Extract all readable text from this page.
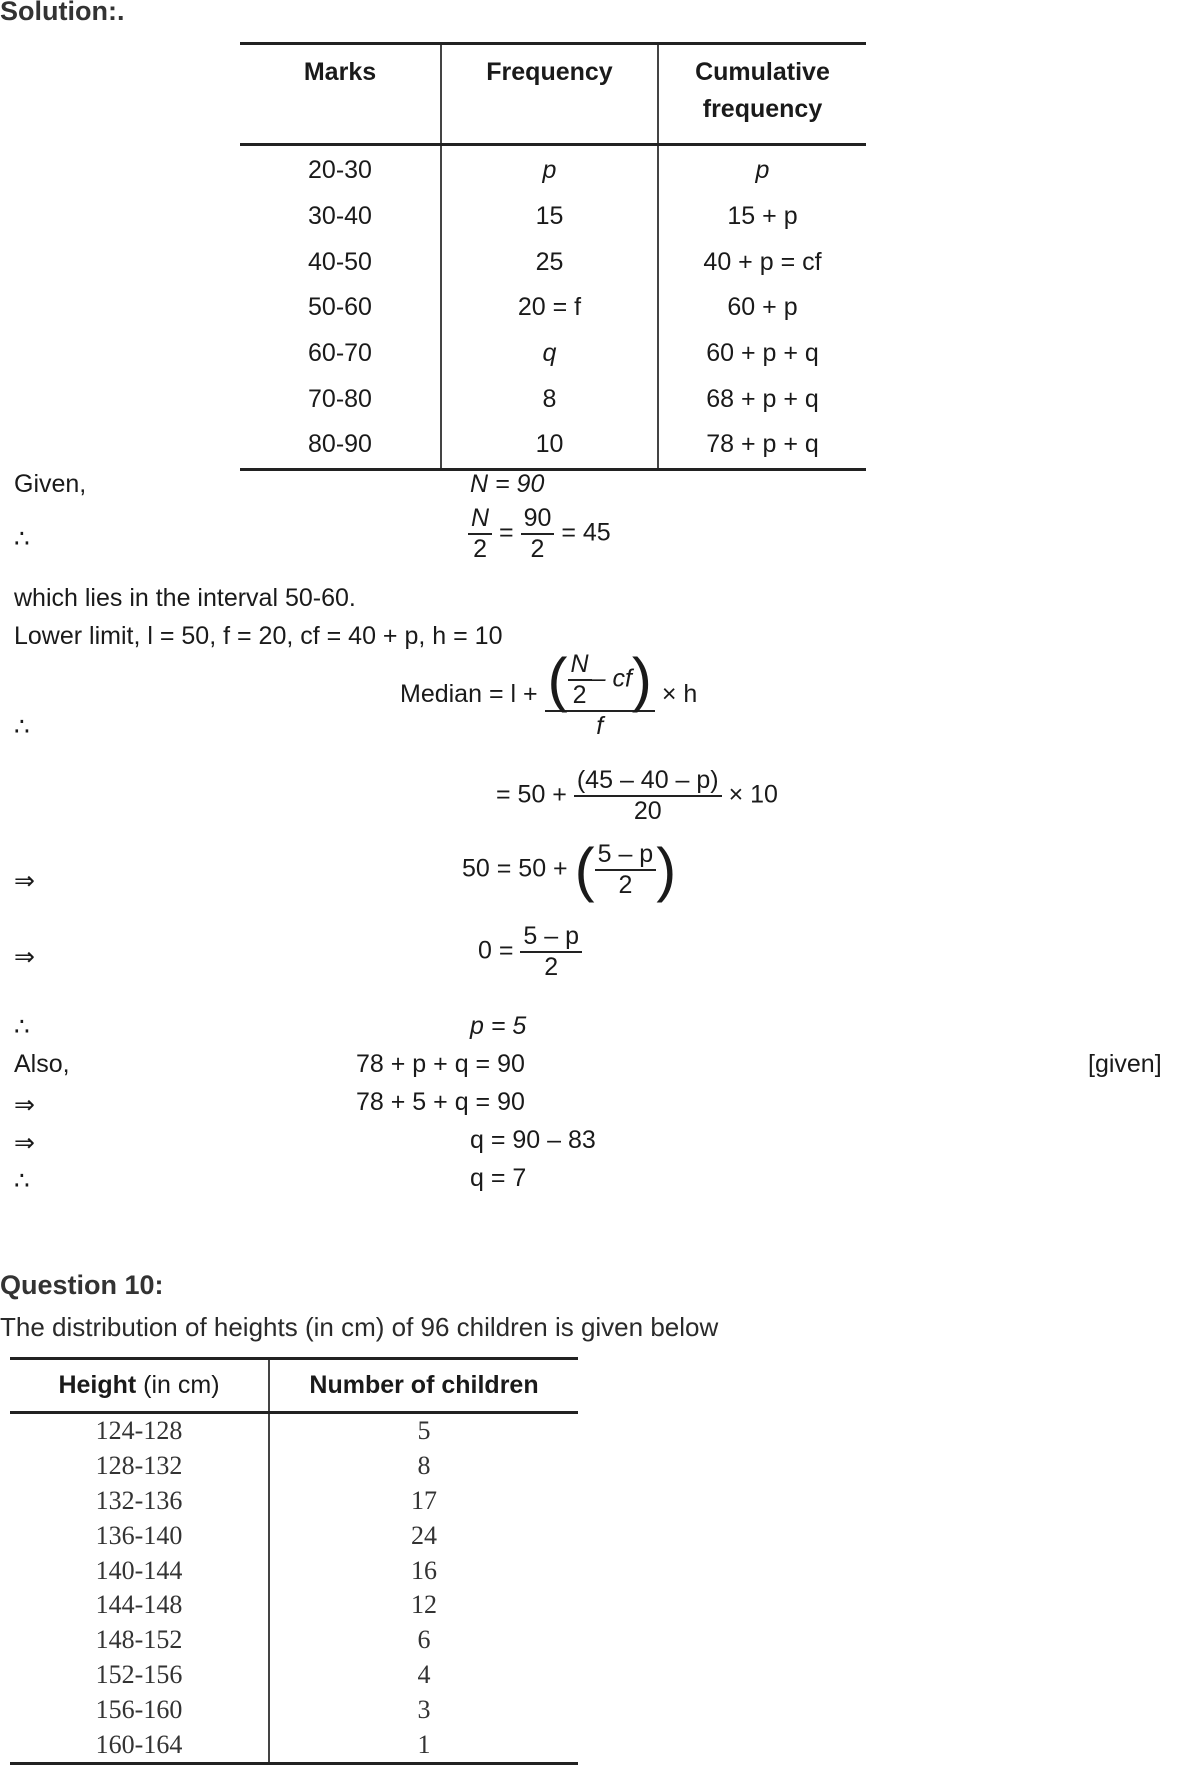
Solution:.
Marks	Frequency	Cumulative frequency
20-30	p	p
30-40	15	15 + p
40-50	25	40 + p = cf
50-60	20 = f	60 + p
60-70	q	60 + p + q
70-80	8	68 + p + q
80-90	10	78 + p + q
Given,	N = 90
∴	$\frac{N}{2} = \frac{90}{2} = 45$
which lies in the interval 50-60.
Lower limit, l = 50, f = 20, cf = 40 + p, h = 10
∴
Median = $l + \frac{( \frac{N}{2} - cf)}{f} \times h$
= $50 + \frac{(45 - 40 - p)}{20} \times 10$
⇒	50 = 50 + ( $\frac{5 - p}{2}$ )
⇒	$0 = \frac{5 - p}{2}$
∴	p = 5
Also,	78 + p + q = 90	[given]
⇒	78 + 5 + q = 90
⇒	q = 90 – 83
∴	q = 7
Question 10:
The distribution of heights (in cm) of 96 children is given below
Height (in cm)	Number of children
124-128	5
128-132	8
132-136	17
136-140	24
140-144	16
144-148	12
148-152	6
152-156	4
156-160	3
160-164	1
